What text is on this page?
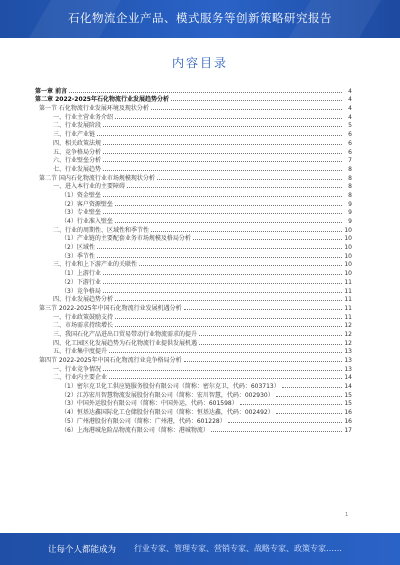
石化物流企业产品、模式服务等创新策略研究报告
内容目录
第一章 前言	4
第二章 2022-2025年石化物流行业发展趋势分析	4
第一节 石化物流行业发展环境及现状分析	4
一、行业主营业务介绍	4
二、行业发展阶段	5
三、行业产业链	6
四、相关政策法规	6
五、竞争格局分析	6
六、行业壁垒分析	7
七、行业发展趋势	8
第二节 国内石化物流行业市场规模现状分析	8
一、进入本行业的主要障碍	8
（1）资金壁垒	8
（2）客户资源壁垒	9
（3）专业壁垒	9
（4）行业准入壁垒	9
二、行业的周期性、区域性和季节性	10
（1）产业链的主要配套业务市场规模及格局分析	10
（2）区域性	10
（3）季节性	10
三、行业和上下游产业的关联性	10
（1）上游行业	10
（2）下游行业	11
（3）竞争格局	11
四、行业发展趋势分析	11
第三节 2022-2025年中国石化物流行业发展机遇分析	11
一、行业政策鼓励支持	11
二、市场需求持续增长	12
三、我国石化产品进出口贸易带动行业物流需求的提升	12
四、化工园区化发展趋势为石化物流行业提供发展机遇	12
五、行业集中度提升	13
第四节 2022-2025年中国石化物流行业竞争格局分析	13
一、行业竞争情况	13
二、行业内主要企业	14
（1）密尔克卫化工供应链服务股份有限公司（简称：密尔克卫，代码：603713）	14
（2）江苏宏川智慧物流发展股份有限公司（简称：宏川智慧，代码：002930）	15
（3）中国外运股份有限公司（简称：中国外运，代码：601598）	15
（4）恒基达鑫国际化工仓储股份有限公司（简称：恒基达鑫，代码：002492）	16
（5）广州港股份有限公司（简称：广州港，代码：601228）	16
（6）上海港城危险品物流有限公司（简称：港城物流）	17
1
让每个人都能成为 行业专家、管理专家、营销专家、战略专家、政策专家……
